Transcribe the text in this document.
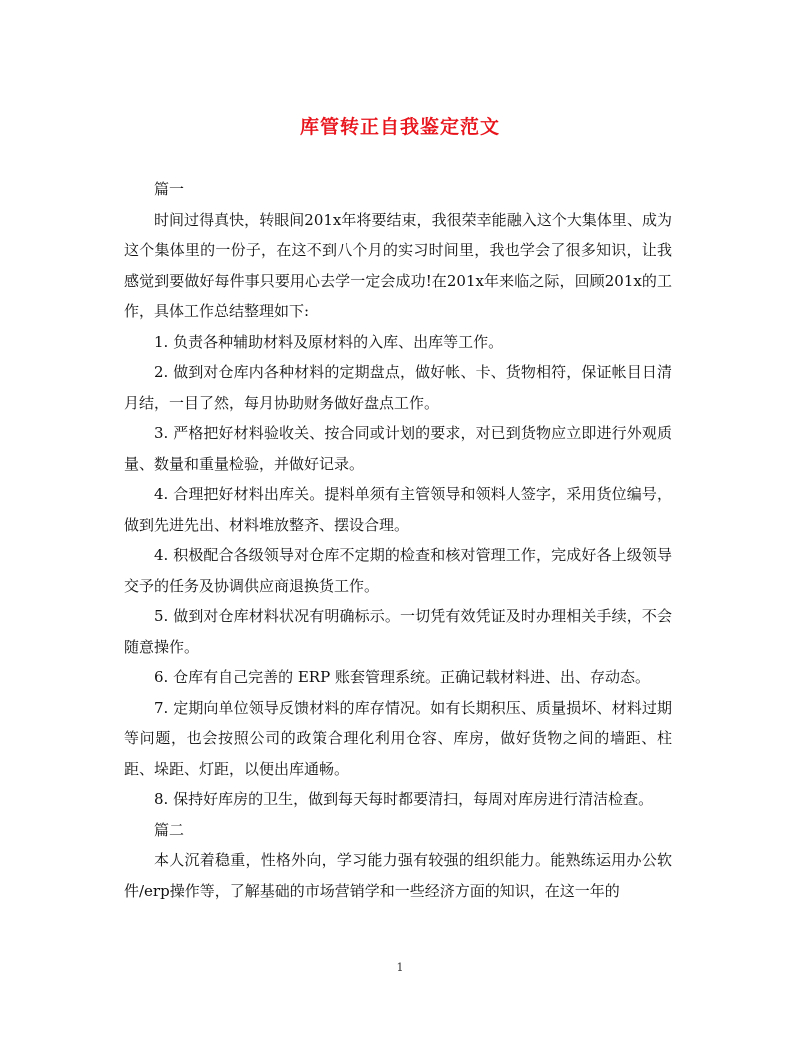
库管转正自我鉴定范文

篇一

时间过得真快，转眼间201x年将要结束，我很荣幸能融入这个大集体里、成为这个集体里的一份子，在这不到八个月的实习时间里，我也学会了很多知识，让我感觉到要做好每件事只要用心去学一定会成功!在201x年来临之际，回顾201x的工作，具体工作总结整理如下:

1. 负责各种辅助材料及原材料的入库、出库等工作。

2. 做到对仓库内各种材料的定期盘点，做好帐、卡、货物相符，保证帐目日清月结，一目了然，每月协助财务做好盘点工作。

3. 严格把好材料验收关、按合同或计划的要求，对已到货物应立即进行外观质量、数量和重量检验，并做好记录。

4. 合理把好材料出库关。提料单须有主管领导和领料人签字，采用货位编号，做到先进先出、材料堆放整齐、摆设合理。

4. 积极配合各级领导对仓库不定期的检查和核对管理工作，完成好各上级领导交予的任务及协调供应商退换货工作。

5. 做到对仓库材料状况有明确标示。一切凭有效凭证及时办理相关手续，不会随意操作。

6. 仓库有自己完善的 ERP 账套管理系统。正确记载材料进、出、存动态。

7. 定期向单位领导反馈材料的库存情况。如有长期积压、质量损坏、材料过期等问题，也会按照公司的政策合理化利用仓容、库房，做好货物之间的墙距、柱距、垛距、灯距，以便出库通畅。

8. 保持好库房的卫生，做到每天每时都要清扫，每周对库房进行清洁检查。

篇二

本人沉着稳重，性格外向，学习能力强有较强的组织能力。能熟练运用办公软件/erp操作等，了解基础的市场营销学和一些经济方面的知识，在这一年的

1
